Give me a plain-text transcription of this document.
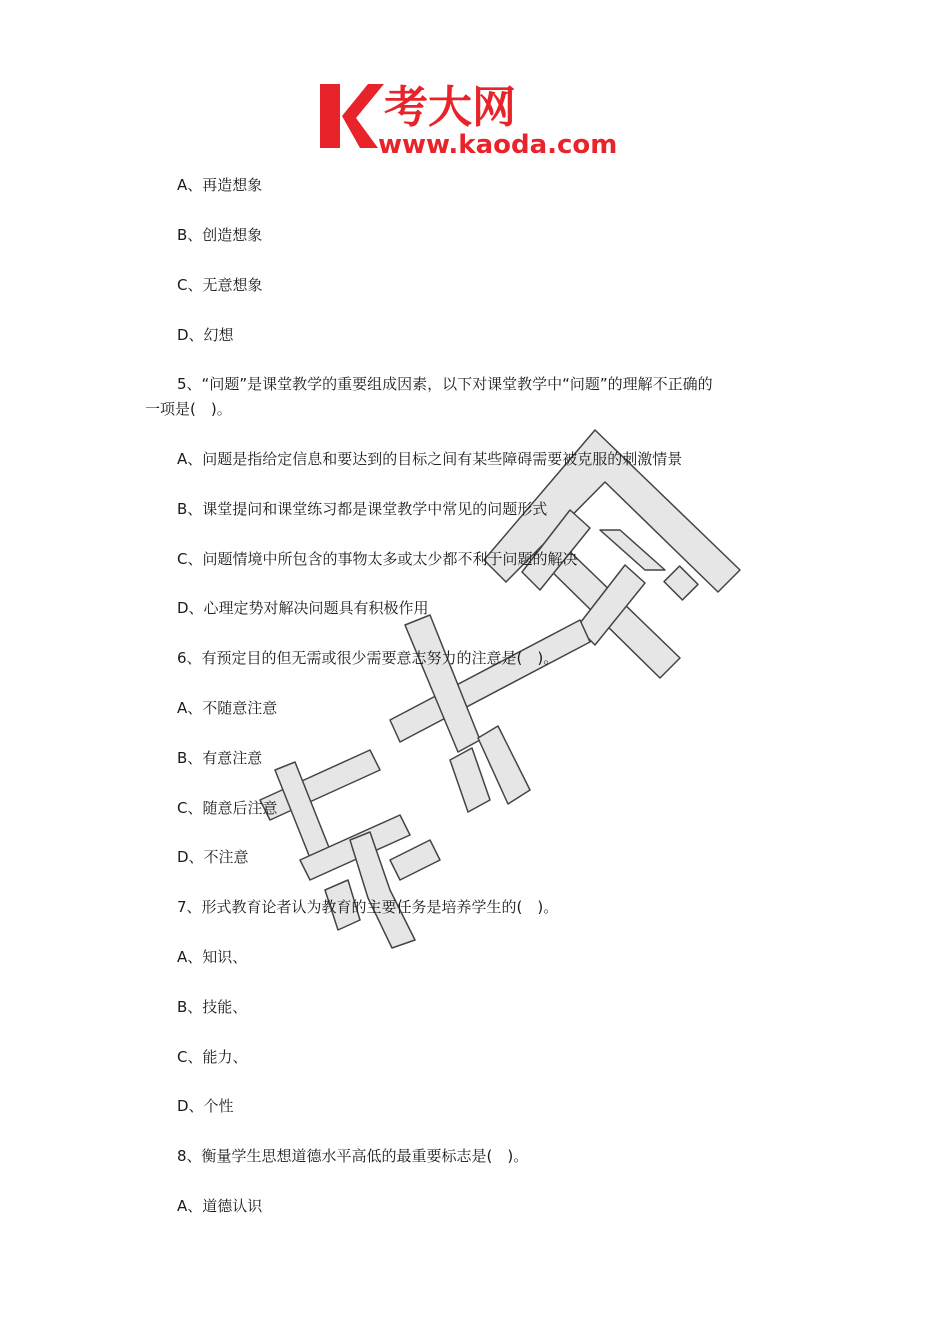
考大网
www.kaoda.com
A、再造想象
B、创造想象
C、无意想象
D、幻想
5、“问题”是课堂教学的重要组成因素，以下对课堂教学中“问题”的理解不正确的
一项是(　)。
A、问题是指给定信息和要达到的目标之间有某些障碍需要被克服的刺激情景
B、课堂提问和课堂练习都是课堂教学中常见的问题形式
C、问题情境中所包含的事物太多或太少都不利于问题的解决
D、心理定势对解决问题具有积极作用
6、有预定目的但无需或很少需要意志努力的注意是(　)。
A、不随意注意
B、有意注意
C、随意后注意
D、不注意
7、形式教育论者认为教育的主要任务是培养学生的(　)。
A、知识、
B、技能、
C、能力、
D、个性
8、衡量学生思想道德水平高低的最重要标志是(　)。
A、道德认识
